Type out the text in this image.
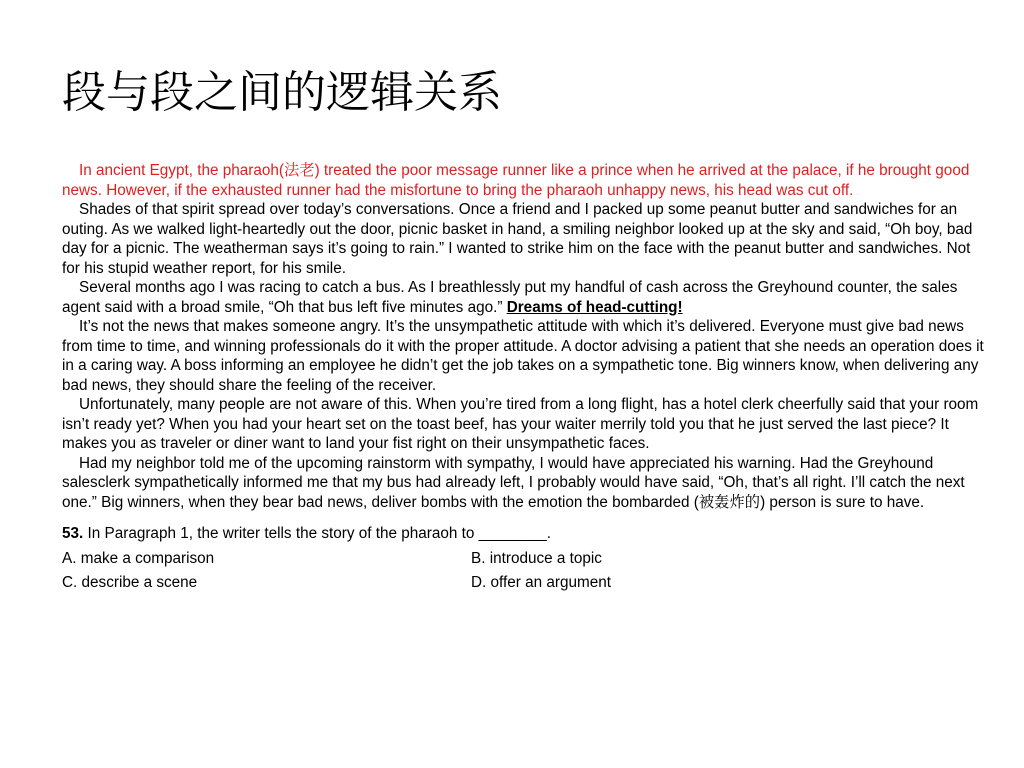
段与段之间的逻辑关系

In ancient Egypt, the pharaoh(法老) treated the poor message runner like a prince when he arrived at the palace, if he brought good news. However, if the exhausted runner had the misfortune to bring the pharaoh unhappy news, his head was cut off.

Shades of that spirit spread over today’s conversations. Once a friend and I packed up some peanut butter and sandwiches for an outing. As we walked light-heartedly out the door, picnic basket in hand, a smiling neighbor looked up at the sky and said, “Oh boy, bad day for a picnic. The weatherman says it’s going to rain.” I wanted to strike him on the face with the peanut butter and sandwiches. Not for his stupid weather report, for his smile.

Several months ago I was racing to catch a bus. As I breathlessly put my handful of cash across the Greyhound counter, the sales agent said with a broad smile, “Oh that bus left five minutes ago.” Dreams of head-cutting!

It’s not the news that makes someone angry. It’s the unsympathetic attitude with which it’s delivered. Everyone must give bad news from time to time, and winning professionals do it with the proper attitude. A doctor advising a patient that she needs an operation does it in a caring way. A boss informing an employee he didn’t get the job takes on a sympathetic tone. Big winners know, when delivering any bad news, they should share the feeling of the receiver.

Unfortunately, many people are not aware of this. When you’re tired from a long flight, has a hotel clerk cheerfully said that your room isn’t ready yet? When you had your heart set on the toast beef, has your waiter merrily told you that he just served the last piece? It makes you as traveler or diner want to land your fist right on their unsympathetic faces.

Had my neighbor told me of the upcoming rainstorm with sympathy, I would have appreciated his warning. Had the Greyhound salesclerk sympathetically informed me that my bus had already left, I probably would have said, “Oh, that’s all right. I’ll catch the next one.” Big winners, when they bear bad news, deliver bombs with the emotion the bombarded (被轰炸的) person is sure to have.

53. In Paragraph 1, the writer tells the story of the pharaoh to ________.
A. make a comparison	B. introduce a topic
C. describe a scene	D. offer an argument
